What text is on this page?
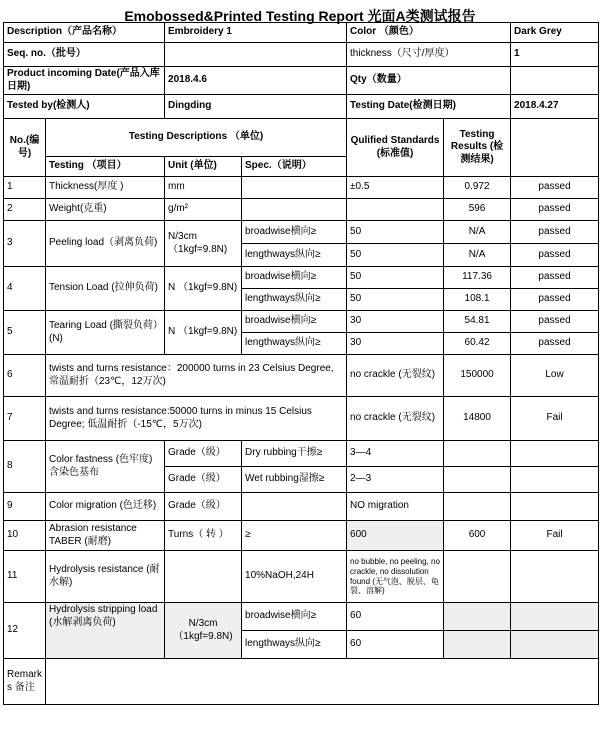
Emobossed&Printed Testing Report 光面A类测试报告
Description（产品名称）		Embroidery 1		Color （颜色）		Dark Grey
Seq. no.（批号）				thickness（尺寸/厚度）		1
Product incoming Date(产品入库日期)		2018.4.6		Qty（数量）		
Tested by(检测人)		Dingding		Testing Date(检测日期)		2018.4.27
No.(编号)	Testing Descriptions （单位)			Qulified Standards (标准值)	Testing Results (检测结果)	
	Testing （项目）	Unit (单位)	Spec.（说明）			
1	Thickness(厚度 )	mm		±0.5	0.972	passed
2	Weight(克重)	g/m²			596	passed
3	Peeling load（剥离负荷)	N/3cm （1kgf=9.8N)	broadwise横向≥	50	N/A	passed
			lengthways纵向≥	50	N/A	passed
4	Tension Load (拉伸负荷)	N （1kgf=9.8N)	broadwise横向≥	50	117.36	passed
			lengthways纵向≥	50	108.1	passed
5	Tearing Load (撕裂负荷）(N)	N （1kgf=9.8N)	broadwise横向≥	30	54.81	passed
			lengthways纵向≥	30	60.42	passed
6	twists and turns resistance：200000 turns in 23 Celsius Degree, 常温耐折（23℃，12万次)			no crackle (无裂纹)	150000	Low
7	twists and turns resistance:50000 turns in minus 15 Celsius Degree; 低温耐折（-15℃，5万次)			no crackle (无裂纹)	14800	Fail
8	Color fastness (色牢度) 含染色基布	Grade（级）	Dry rubbing干擦≥	3—4		
		Grade（级）	Wet rubbing湿擦≥	2—3		
9	Color migration (色迁移)	Grade（级）		NO migration		
10	Abrasion resistance TABER (耐磨)	Turns（ 转 ）	≥	600	600	Fail
11	Hydrolysis resistance (耐水解)		10%NaOH,24H	no bubble, no peeling, no crackle, no dissolution found (无气泡、脱层、龟裂、溶解)		
12	Hydrolysis stripping load (水解剥离负荷)	N/3cm （1kgf=9.8N)	broadwise横向≥	60		
			lengthways纵向≥	60		
Remarks 备注						
